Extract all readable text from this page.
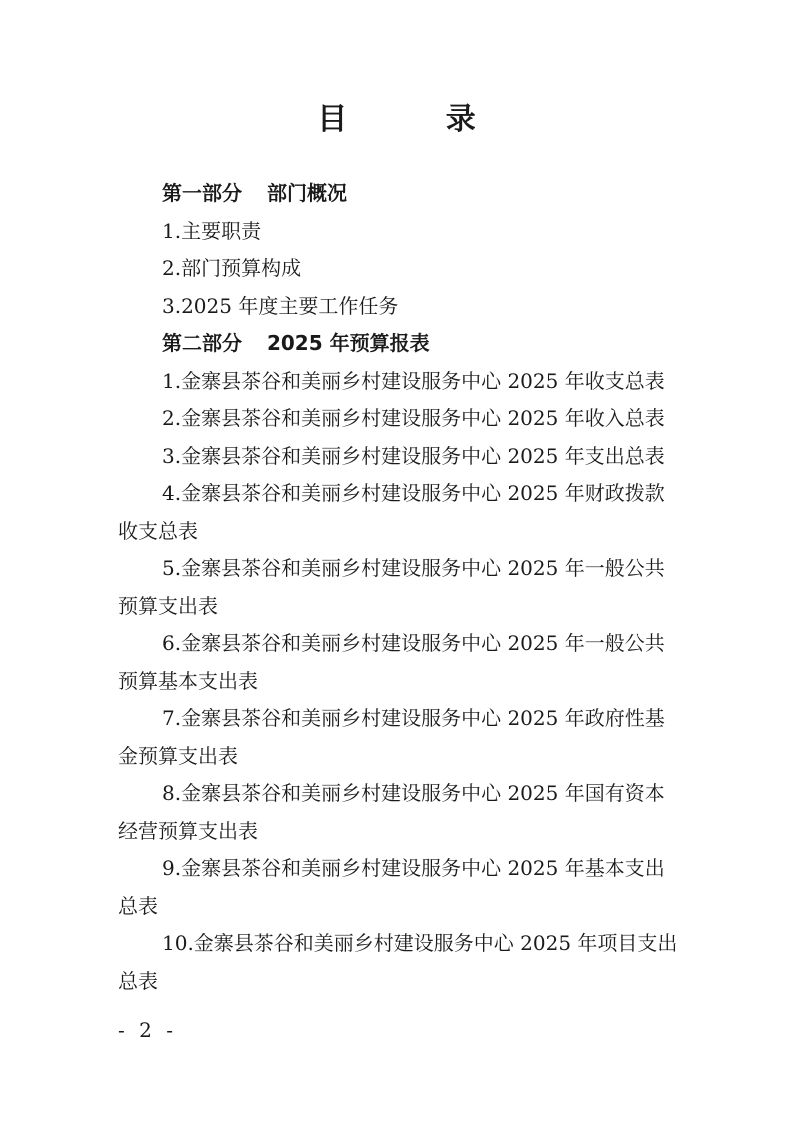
目 录
第一部分 部门概况
1.主要职责
2.部门预算构成
3.2025 年度主要工作任务
第二部分 2025 年预算报表
1.金寨县茶谷和美丽乡村建设服务中心 2025 年收支总表
2.金寨县茶谷和美丽乡村建设服务中心 2025 年收入总表
3.金寨县茶谷和美丽乡村建设服务中心 2025 年支出总表
4.金寨县茶谷和美丽乡村建设服务中心 2025 年财政拨款
收支总表
5.金寨县茶谷和美丽乡村建设服务中心 2025 年一般公共
预算支出表
6.金寨县茶谷和美丽乡村建设服务中心 2025 年一般公共
预算基本支出表
7.金寨县茶谷和美丽乡村建设服务中心 2025 年政府性基
金预算支出表
8.金寨县茶谷和美丽乡村建设服务中心 2025 年国有资本
经营预算支出表
9.金寨县茶谷和美丽乡村建设服务中心 2025 年基本支出
总表
10.金寨县茶谷和美丽乡村建设服务中心 2025 年项目支出
总表
- 2 -
